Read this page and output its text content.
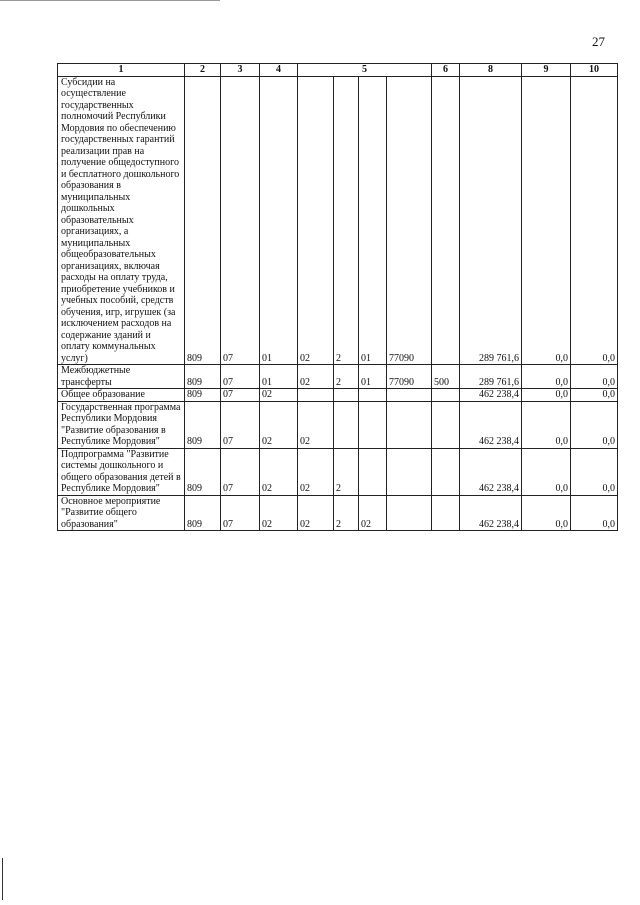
27
1	2	3	4	5				6	8	9	10
Субсидии на осуществление государственных полномочий Республики Мордовия по обеспечению государственных гарантий реализации прав на получение общедоступного и бесплатного дошкольного образования в муниципальных дошкольных образовательных организациях, а муниципальных общеобразовательных организациях, включая расходы на оплату труда, приобретение учебников и учебных пособий, средств обучения, игр, игрушек (за исключением расходов на содержание зданий и оплату коммунальных услуг)	809	07	01	02	2	01	77090		289 761,6	0,0	0,0
Межбюджетные трансферты	809	07	01	02	2	01	77090	500	289 761,6	0,0	0,0
Общее образование	809	07	02						462 238,4	0,0	0,0
Государственная программа Республики Мордовия "Развитие образования в Республике Мордовия"	809	07	02	02					462 238,4	0,0	0,0
Подпрограмма "Развитие системы дошкольного и общего образования детей в Республике Мордовия"	809	07	02	02	2				462 238,4	0,0	0,0
Основное мероприятие "Развитие общего образования"	809	07	02	02	2	02			462 238,4	0,0	0,0
